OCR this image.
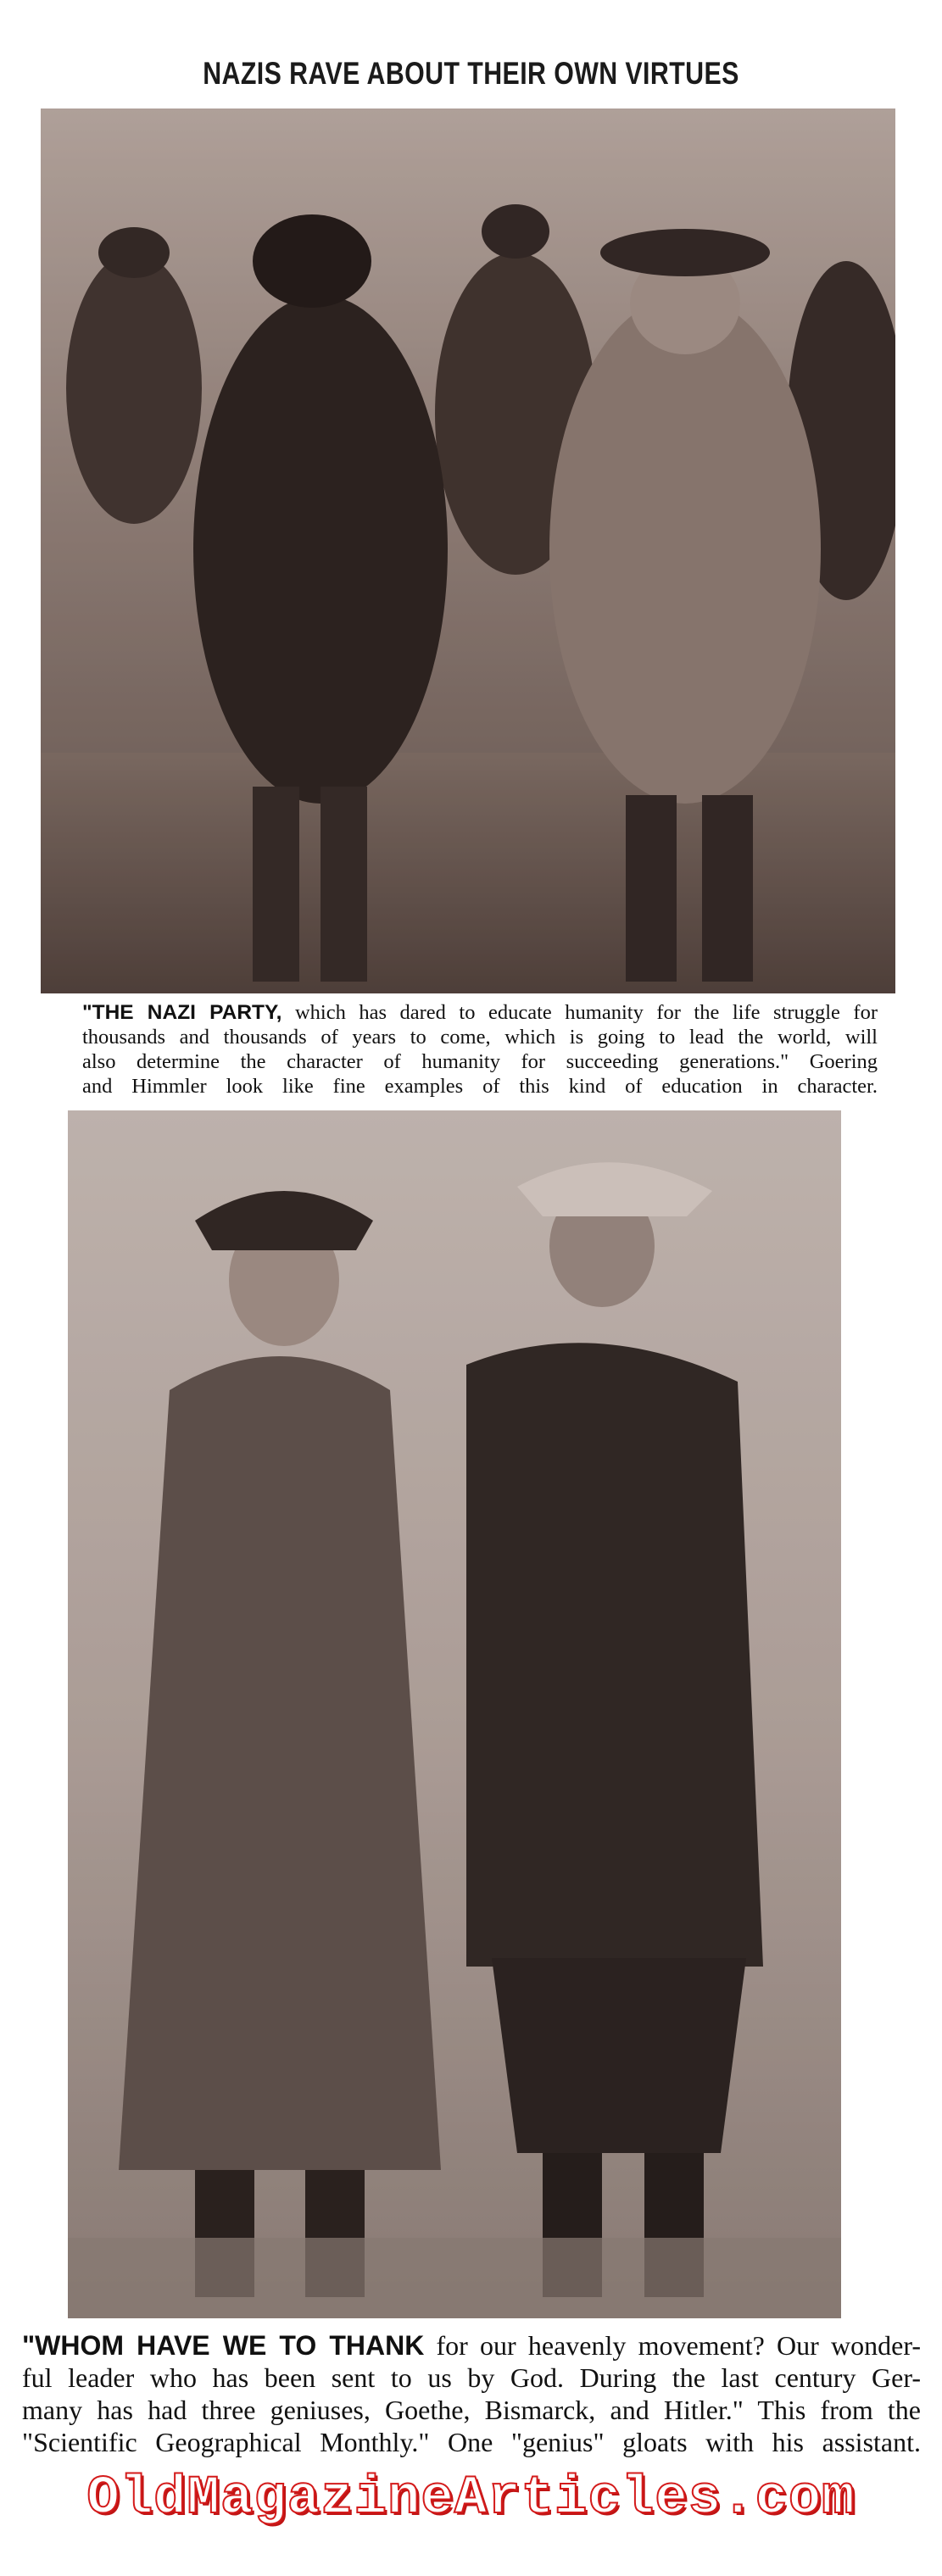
NAZIS RAVE ABOUT THEIR OWN VIRTUES
"THE NAZI PARTY, which has dared to educate humanity for the life struggle for
thousands and thousands of years to come, which is going to lead the world, will
also determine the character of humanity for succeeding generations." Goering
and Himmler look like fine examples of this kind of education in character.
"WHOM HAVE WE TO THANK for our heavenly movement? Our wonder-
ful leader who has been sent to us by God. During the last century Ger-
many has had three geniuses, Goethe, Bismarck, and Hitler." This from the
"Scientific Geographical Monthly." One "genius" gloats with his assistant.
OldMagazineArticles.com
